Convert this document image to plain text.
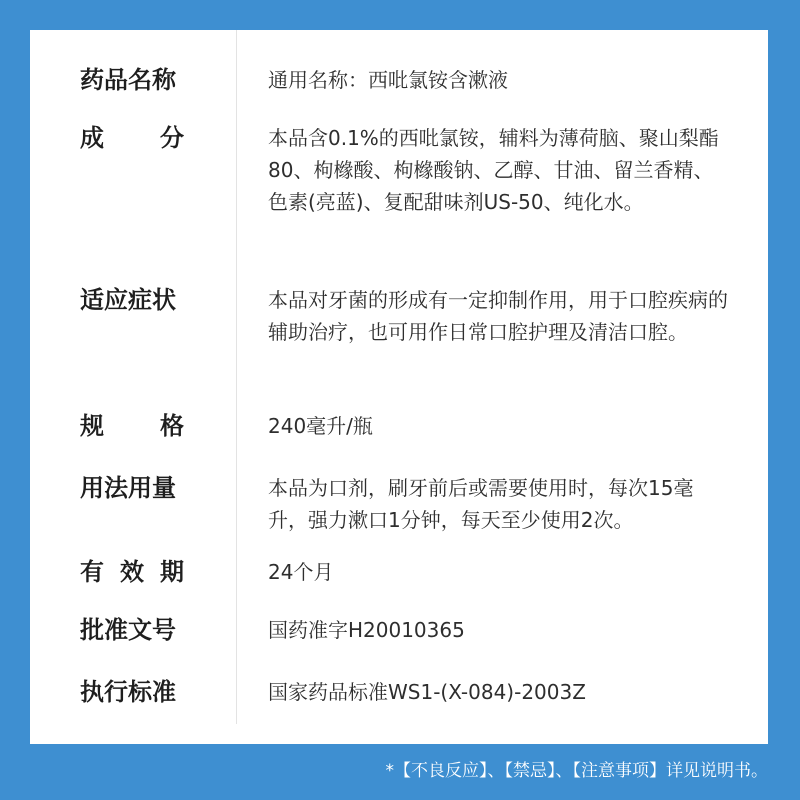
药品名称	通用名称：西吡氯铵含漱液
成 分	本品含0.1%的西吡氯铵，辅料为薄荷脑、聚山梨酯80、枸橼酸、枸橼酸钠、乙醇、甘油、留兰香精、色素(亮蓝)、复配甜味剂US-50、纯化水。
适应症状	本品对牙菌的形成有一定抑制作用，用于口腔疾病的辅助治疗，也可用作日常口腔护理及清洁口腔。
规 格	240毫升/瓶
用法用量	本品为口剂，刷牙前后或需要使用时，每次15毫升，强力漱口1分钟，每天至少使用2次。
有 效 期	24个月
批准文号	国药准字H20010365
执行标准	国家药品标准WS1-(X-084)-2003Z
*【不良反应】、【禁忌】、【注意事项】详见说明书。
